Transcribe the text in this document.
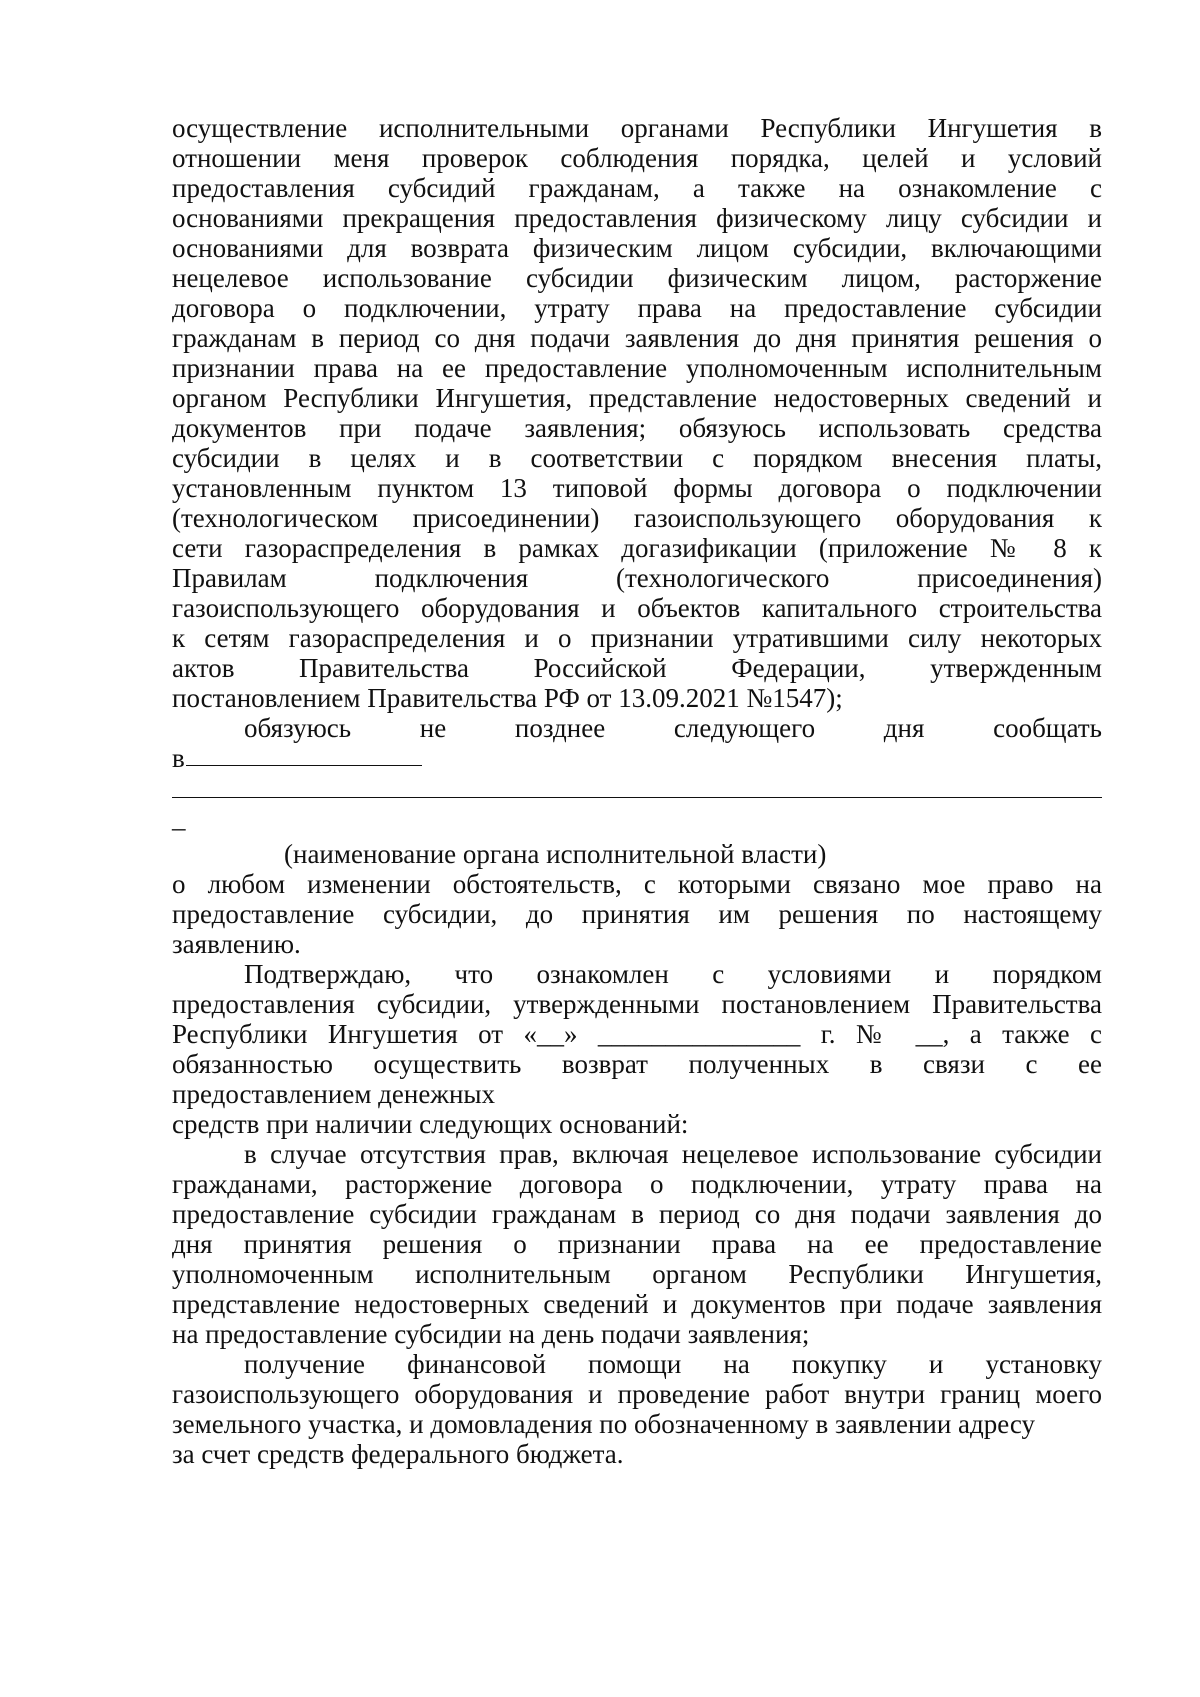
осуществление исполнительными органами Республики Ингушетия в
отношении меня проверок соблюдения порядка, целей и условий
предоставления субсидий гражданам, а также на ознакомление с
основаниями прекращения предоставления физическому лицу субсидии и
основаниями для возврата физическим лицом субсидии, включающими
нецелевое использование субсидии физическим лицом, расторжение
договора о подключении, утрату права на предоставление субсидии
гражданам в период со дня подачи заявления до дня принятия решения о
признании права на ее предоставление уполномоченным исполнительным
органом Республики Ингушетия, представление недостоверных сведений и
документов при подаче заявления; обязуюсь использовать средства
субсидии в целях и в соответствии с порядком внесения платы,
установленным пунктом 13 типовой формы договора о подключении
(технологическом присоединении) газоиспользующего оборудования к
сети газораспределения в рамках догазификации (приложение № 8 к
Правилам подключения (технологического присоединения)
газоиспользующего оборудования и объектов капитального строительства
к сетям газораспределения и о признании утратившими силу некоторых
актов Правительства Российской Федерации, утвержденным
постановлением Правительства РФ от 13.09.2021 №1547);
обязуюсь не позднее следующего дня сообщать
в
_
(наименование органа исполнительной власти)
о любом изменении обстоятельств, с которыми связано мое право на
предоставление субсидии, до принятия им решения по настоящему
заявлению.
Подтверждаю, что ознакомлен с условиями и порядком
предоставления субсидии, утвержденными постановлением Правительства
Республики Ингушетия от «__» _______________ г. № __, а также с
обязанностью осуществить возврат полученных в связи с ее
предоставлением денежных
средств при наличии следующих оснований:
в случае отсутствия прав, включая нецелевое использование субсидии
гражданами, расторжение договора о подключении, утрату права на
предоставление субсидии гражданам в период со дня подачи заявления до
дня принятия решения о признании права на ее предоставление
уполномоченным исполнительным органом Республики Ингушетия,
представление недостоверных сведений и документов при подаче заявления
на предоставление субсидии на день подачи заявления;
получение финансовой помощи на покупку и установку
газоиспользующего оборудования и проведение работ внутри границ моего
земельного участка, и домовладения по обозначенному в заявлении адресу
за счет средств федерального бюджета.
